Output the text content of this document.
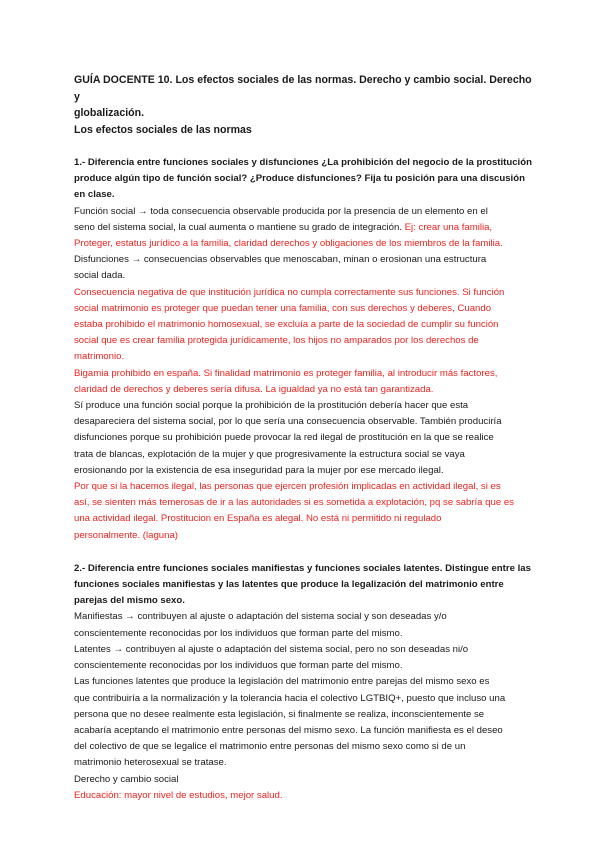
GUÍA DOCENTE 10. Los efectos sociales de las normas. Derecho y cambio social. Derecho y

globalización.

Los efectos sociales de las normas

1.- Diferencia entre funciones sociales y disfunciones ¿La prohibición del negocio de la prostitución

produce algún tipo de función social? ¿Produce disfunciones? Fija tu posición para una discusión

en clase.

Función social → toda consecuencia observable producida por la presencia de un elemento en el

seno del sistema social, la cual aumenta o mantiene su grado de integración. Ej: crear una familia,

Proteger, estatus jurídico a la familia, claridad derechos y obligaciones de los miembros de la familia.

Disfunciones → consecuencias observables que menoscaban, minan o erosionan una estructura

social dada.

Consecuencia negativa de que institución jurídica no cumpla correctamente sus funciones. Si función

social matrimonio es proteger que puedan tener una familia, con sus derechos y deberes, Cuando

estaba prohibido el matrimonio homosexual, se excluía a parte de la sociedad de cumplir su función

social que es crear familia protegida jurídicamente, los hijos no amparados por los derechos de

matrimonio.

Bigamia prohibido en españa. Si finalidad matrimonio es proteger familia, al introducir más factores,

claridad de derechos y deberes sería difusa. La igualdad ya no está tan garantizada.

Sí produce una función social porque la prohibición de la prostitución debería hacer que esta

desapareciera del sistema social, por lo que sería una consecuencia observable. También produciría

disfunciones porque su prohibición puede provocar la red ilegal de prostitución en la que se realice

trata de blancas, explotación de la mujer y que progresivamente la estructura social se vaya

erosionando por la existencia de esa inseguridad para la mujer por ese mercado ilegal.

Por que si la hacemos ilegal, las personas que ejercen profesión implicadas en actividad ilegal, si es

así, se sienten más temerosas de ir a las autoridades si es sometida a explotación, pq se sabría que es

una actividad ilegal. Prostitucion en España es alegal. No está ni permitido ni regulado

personalmente. (laguna)

2.- Diferencia entre funciones sociales manifiestas y funciones sociales latentes. Distingue entre las

funciones sociales manifiestas y las latentes que produce la legalización del matrimonio entre

parejas del mismo sexo.

Manifiestas → contribuyen al ajuste o adaptación del sistema social y son deseadas y/o

conscientemente reconocidas por los individuos que forman parte del mismo.

Latentes → contribuyen al ajuste o adaptación del sistema social, pero no son deseadas ni/o

conscientemente reconocidas por los individuos que forman parte del mismo.

Las funciones latentes que produce la legislación del matrimonio entre parejas del mismo sexo es

que contribuiría a la normalización y la tolerancia hacia el colectivo LGTBIQ+, puesto que incluso una

persona que no desee realmente esta legislación, si finalmente se realiza, inconscientemente se

acabaría aceptando el matrimonio entre personas del mismo sexo. La función manifiesta es el deseo

del colectivo de que se legalice el matrimonio entre personas del mismo sexo como si de un

matrimonio heterosexual se tratase.

Derecho y cambio social

Educación: mayor nivel de estudios, mejor salud.
